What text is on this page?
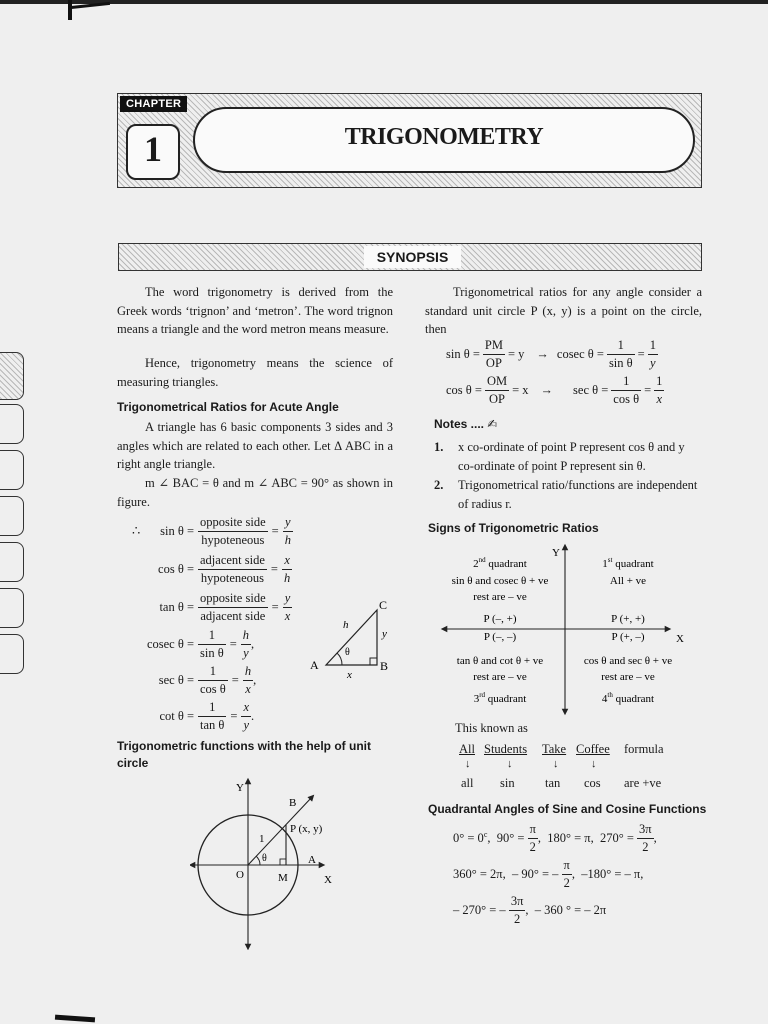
CHAPTER
1	TRIGONOMETRY
SYNOPSIS
The word trigonometry is derived from the Greek words ‘trignon’ and ‘metron’. The word trignon means a triangle and the word metron means measure.
Hence, trigonometry means the science of measuring triangles.
Trigonometrical Ratios for Acute Angle
A triangle has 6 basic components 3 sides and 3 angles which are related to each other. Let Δ ABC in a right angle triangle.
m ∠ BAC = θ and m ∠ ABC = 90° as shown in figure.
∴	sin θ =
opposite side
hypoteneous
= $\frac{y}{h}$
cos θ =
adjacent side
hypoteneous
= $\frac{x}{h}$
tan θ =
opposite side
adjacent side
= $\frac{y}{x}$
cosec $\theta = \frac{1}{\text{sin θ}} = \frac{h}{y}$ ,
$\sec \theta = \frac{1}{\text{cos θ}} = \frac{h}{x}$ ,
$\cot \theta = \frac{1}{\text{tan θ}} = \frac{x}{y}$ .
A	B
C
h
x
y
θ
Trigonometric functions with the help of unit circle
Y
X
O	M
A
B
P (x, y)
1
θ
Trigonometrical ratios for any angle consider a standard unit circle P (x, y) is a point on the circle, then
$\sin \theta = \frac{PM}{OP} = y \to cosec$ $\theta = \frac{1}{\text{sin θ}} = \frac{1}{y}$
$\cos \theta = \frac{OM}{OP} = x \to \sec \theta = \frac{1}{\text{cos θ}} = \frac{1}{x}$
Notes .... ✍
1.	x co-ordinate of point P represent cos θ and y co-ordinate of point P represent sin θ.
2.	Trigonometrical ratio/functions are independent of radius r.
Signs of Trigonometric Ratios
Y
X
2nd quadrant
sin θ and cosec θ + ve
rest are – ve
P (–, +)
1st quadrant
All + ve
P (+, +)
P (–, –)
tan θ and cot θ + ve
rest are – ve
3rd quadrant
P (+, –)
cos θ and sec θ + ve
rest are – ve
4th quadrant
This known as
All Students Take Coffee formula
↓	↓	↓	↓
all sin tan cos are +ve
Quadrantal Angles of Sine and Cosine Functions
$0^\circ = 0^c$,  $90^\circ = \frac{\pi}{2}$ ,  180° = π,  $270^\circ = \frac{3\pi}{2}$ ,
360° = 2π,  – 90° = –
π
2
,  –180° = – π,
– 270° = –
3π
2
,  – 360 ° = – 2π
